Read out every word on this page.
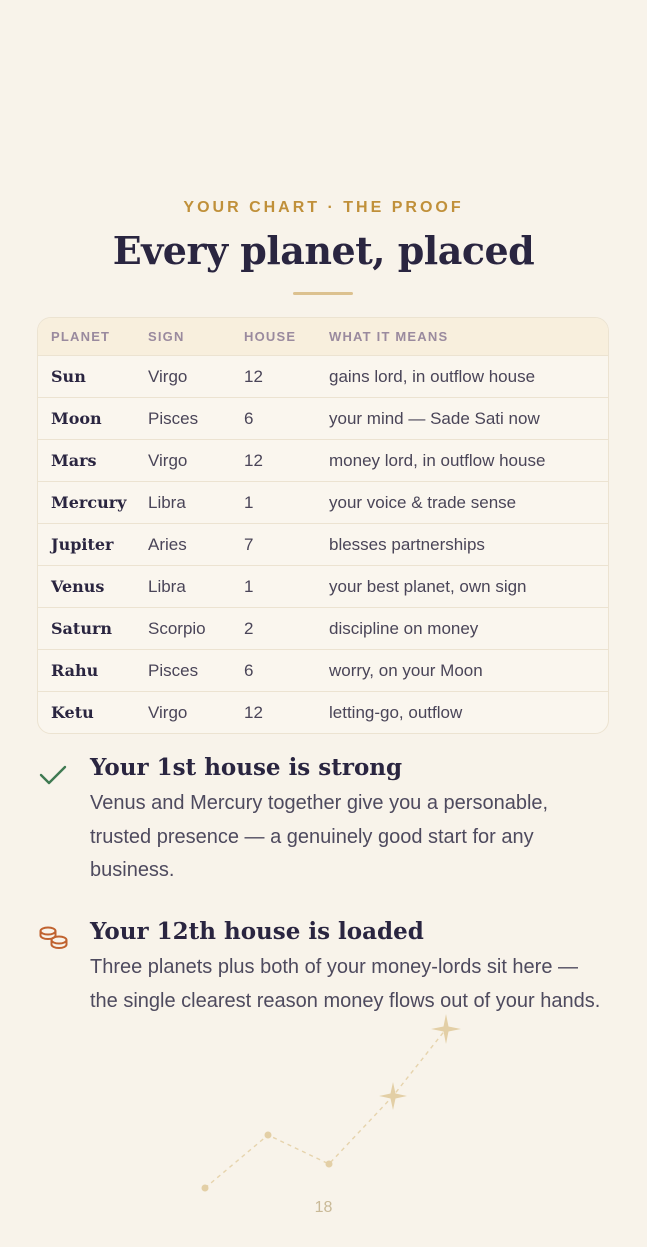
YOUR CHART · THE PROOF
Every planet, placed
PLANET	SIGN	HOUSE	WHAT IT MEANS
Sun	Virgo	12	gains lord, in outflow house
Moon	Pisces	6	your mind — Sade Sati now
Mars	Virgo	12	money lord, in outflow house
Mercury	Libra	1	your voice & trade sense
Jupiter	Aries	7	blesses partnerships
Venus	Libra	1	your best planet, own sign
Saturn	Scorpio	2	discipline on money
Rahu	Pisces	6	worry, on your Moon
Ketu	Virgo	12	letting-go, outflow
Your 1st house is strong

Venus and Mercury together give you a personable, trusted presence — a genuinely good start for any business.

Your 12th house is loaded

Three planets plus both of your money-lords sit here — the single clearest reason money flows out of your hands.

18
